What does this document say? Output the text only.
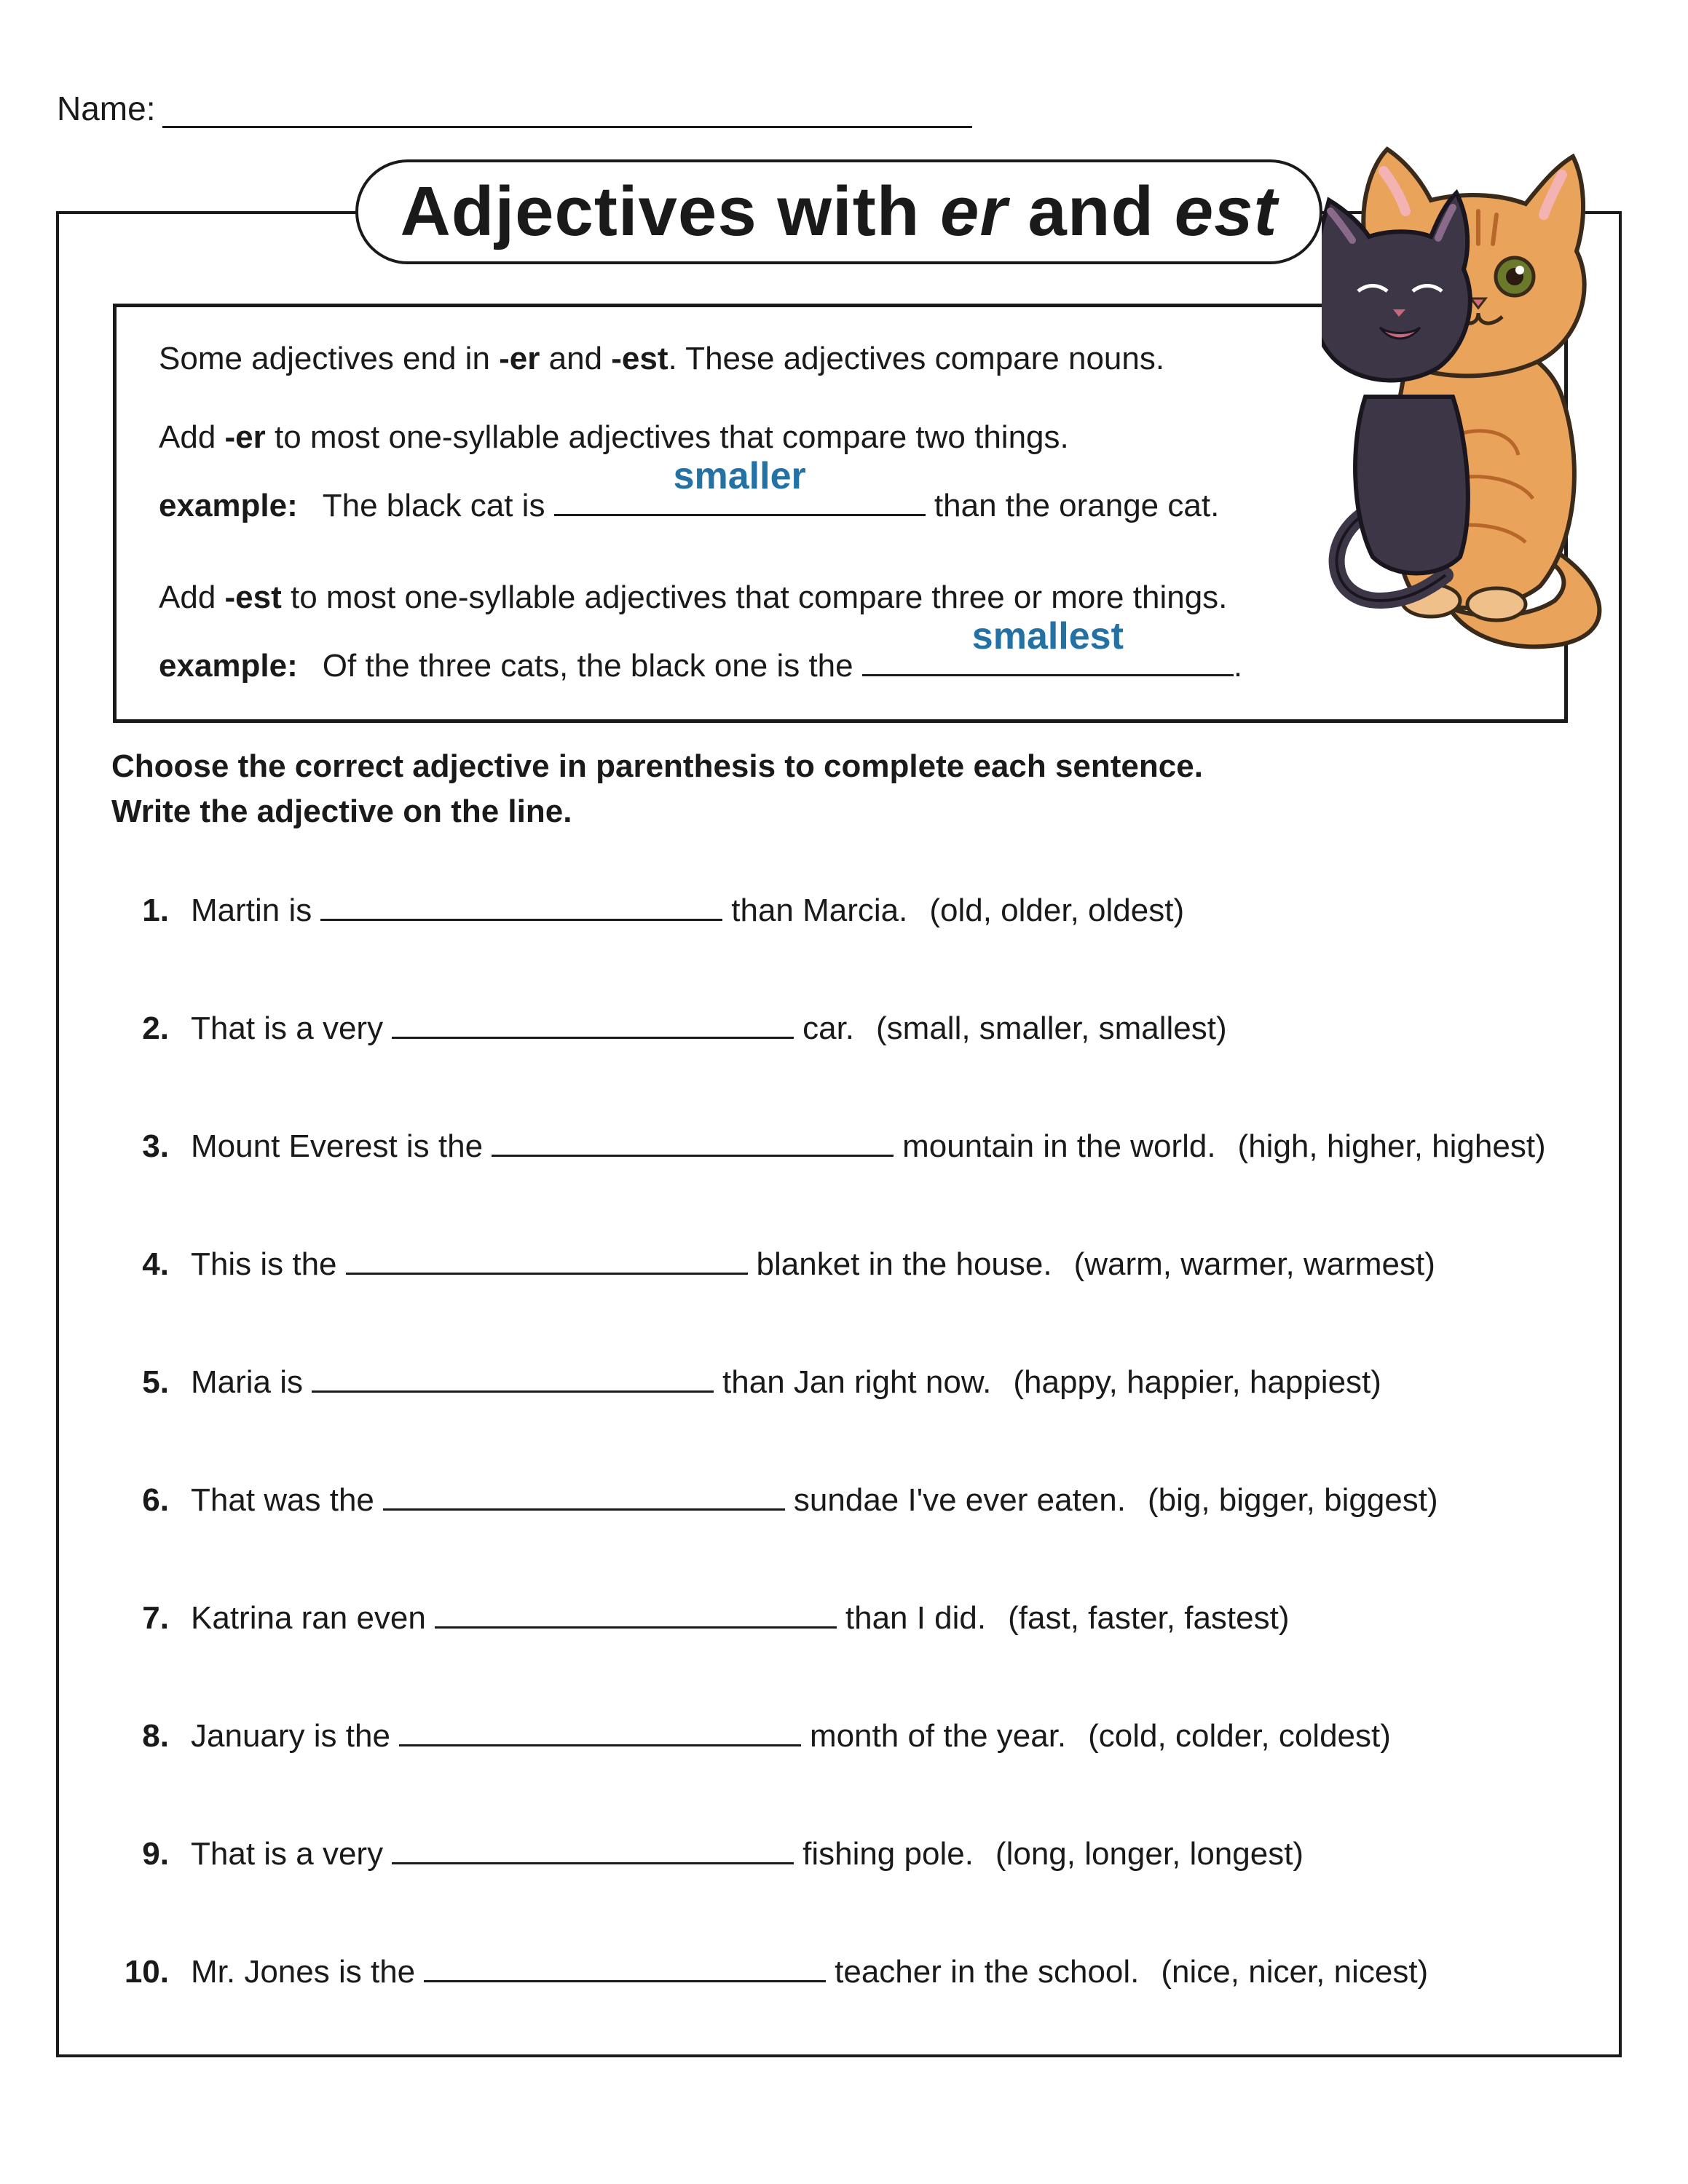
Name:
Adjectives with er and est
Some adjectives end in -er and -est. These adjectives compare nouns.
Add -er to most one-syllable adjectives that compare two things.
example: The black cat is
smaller
than the orange cat.
Add -est to most one-syllable adjectives that compare three or more things.
example: Of the three cats, the black one is the
smallest
.
Choose the correct adjective in parenthesis to complete each sentence.
Write the adjective on the line.
1. Martin is	than Marcia. (old, older, oldest)
2. That is a very	car. (small, smaller, smallest)
3. Mount Everest is the	mountain in the world. (high, higher, highest)
4. This is the	blanket in the house. (warm, warmer, warmest)
5. Maria is	than Jan right now. (happy, happier, happiest)
6. That was the	sundae I've ever eaten. (big, bigger, biggest)
7. Katrina ran even	than I did. (fast, faster, fastest)
8. January is the	month of the year. (cold, colder, coldest)
9. That is a very	fishing pole. (long, longer, longest)
10. Mr. Jones is the	teacher in the school. (nice, nicer, nicest)
